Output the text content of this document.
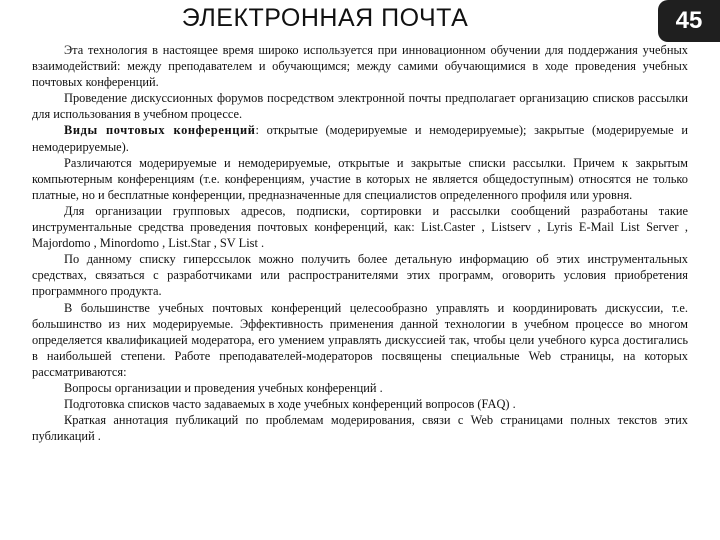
ЭЛЕКТРОННАЯ ПОЧТА	45

Эта технология в настоящее время широко используется при инновационном обучении для поддержания учебных взаимодействий: между преподавателем и обучающимся; между самими обучающимися в ходе проведения учебных почтовых конференций.

Проведение дискуссионных форумов посредством электронной почты предполагает организацию списков рассылки для использования в учебном процессе.

Виды почтовых конференций: открытые (модерируемые и немодерируемые); закрытые (модерируемые и немодерируемые).

Различаются модерируемые и немодерируемые, открытые и закрытые списки рассылки. Причем к закрытым компьютерным конференциям (т.е. конференциям, участие в которых не является общедоступным) относятся не только платные, но и бесплатные конференции, предназначенные для специалистов определенного профиля или уровня.

Для организации групповых адресов, подписки, сортировки и рассылки сообщений разработаны такие инструментальные средства проведения почтовых конференций, как: List.Caster , Listserv , Lyris E-Mail List Server , Majordomo , Minordomo , List.Star , SV List .

По данному списку гиперссылок можно получить более детальную информацию об этих инструментальных средствах, связаться с разработчиками или распространителями этих программ, оговорить условия приобретения программного продукта.

В большинстве учебных почтовых конференций целесообразно управлять и координировать дискуссии, т.е. большинство из них модерируемые. Эффективность применения данной технологии в учебном процессе во многом определяется квалификацией модератора, его умением управлять дискуссией так, чтобы цели учебного курса достигались в наибольшей степени. Работе преподавателей-модераторов посвящены специальные Web страницы, на которых рассматриваются:

Вопросы организации и проведения учебных конференций .

Подготовка списков часто задаваемых в ходе учебных конференций вопросов (FAQ) .

Краткая аннотация публикаций по проблемам модерирования, связи с Web страницами полных текстов этих публикаций .
